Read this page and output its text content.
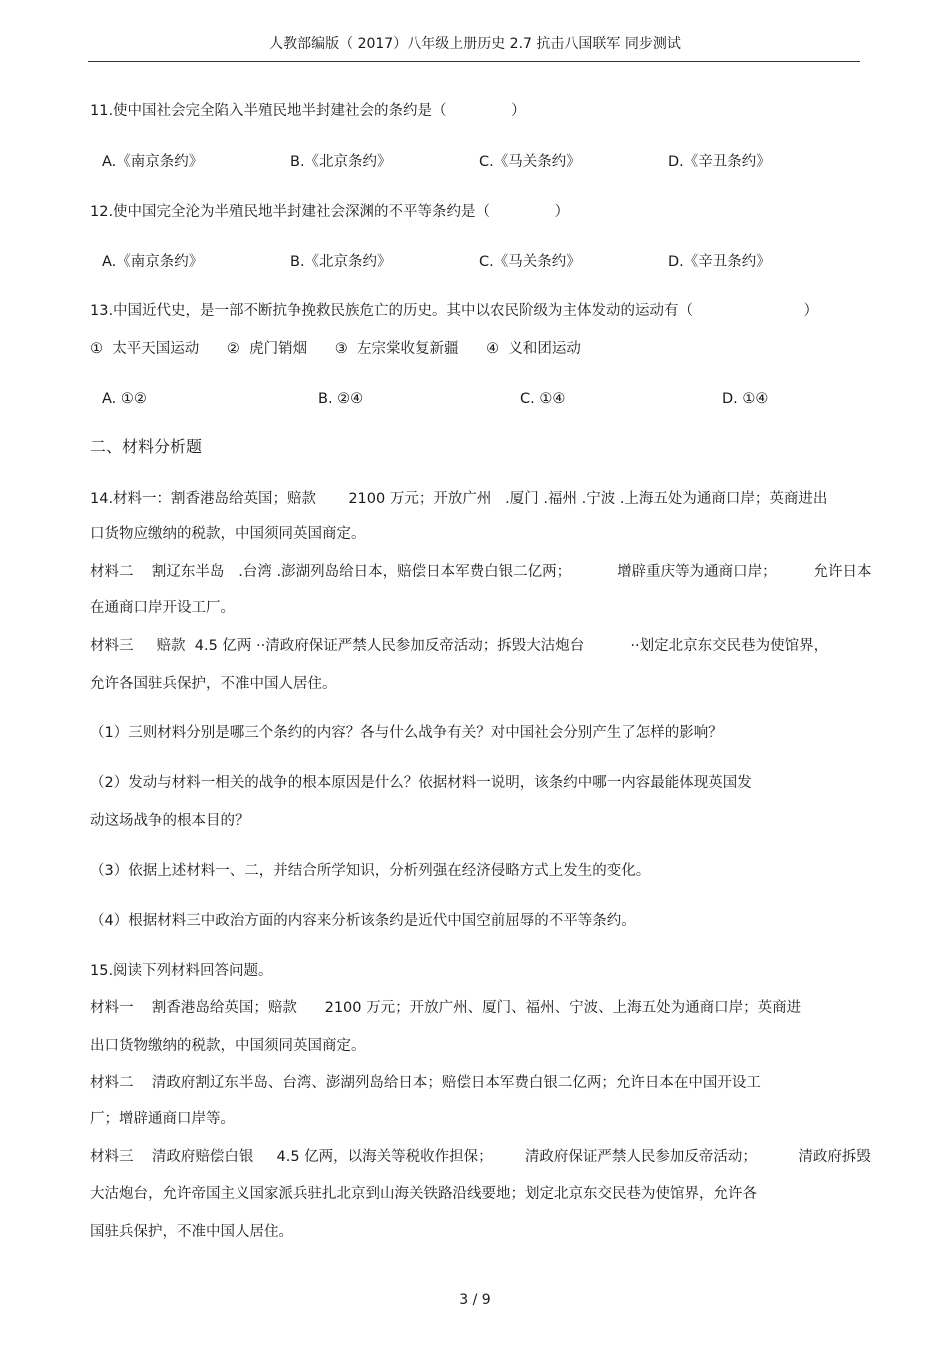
人教部编版（ 2017）八年级上册历史 2.7 抗击八国联军 同步测试
11.使中国社会完全陷入半殖民地半封建社会的条约是（              ）
A.《南京条约》	B.《北京条约》	C.《马关条约》	D.《辛丑条约》
12.使中国完全沦为半殖民地半封建社会深渊的不平等条约是（              ）
A.《南京条约》	B.《北京条约》	C.《马关条约》	D.《辛丑条约》
13.中国近代史，是一部不断抗争挽救民族危亡的历史。其中以农民阶级为主体发动的运动有（                        ）
①  太平天国运动      ②  虎门销烟      ③  左宗棠收复新疆      ④  义和团运动
A. ①②	B. ②④	C. ①④	D. ①④
二、材料分析题
14.材料一：割香港岛给英国；赔款       2100 万元；开放广州   .厦门 .福州 .宁波 .上海五处为通商口岸；英商进出
口货物应缴纳的税款，中国须同英国商定。
材料二    割辽东半岛   .台湾 .澎湖列岛给日本，赔偿日本军费白银二亿两；          增辟重庆等为通商口岸；        允许日本
在通商口岸开设工厂。
材料三     赔款  4.5 亿两 ··清政府保证严禁人民参加反帝活动；拆毁大沽炮台          ··划定北京东交民巷为使馆界，
允许各国驻兵保护，不准中国人居住。
（1）三则材料分别是哪三个条约的内容？各与什么战争有关？对中国社会分别产生了怎样的影响？
（2）发动与材料一相关的战争的根本原因是什么？依据材料一说明，该条约中哪一内容最能体现英国发
动这场战争的根本目的？
（3）依据上述材料一、二，并结合所学知识，分析列强在经济侵略方式上发生的变化。
（4）根据材料三中政治方面的内容来分析该条约是近代中国空前屈辱的不平等条约。
15.阅读下列材料回答问题。
材料一    割香港岛给英国；赔款      2100 万元；开放广州、厦门、福州、宁波、上海五处为通商口岸；英商进
出口货物缴纳的税款，中国须同英国商定。
材料二    清政府割辽东半岛、台湾、澎湖列岛给日本；赔偿日本军费白银二亿两；允许日本在中国开设工
厂；增辟通商口岸等。
材料三    清政府赔偿白银     4.5 亿两，以海关等税收作担保；       清政府保证严禁人民参加反帝活动；         清政府拆毁
大沽炮台，允许帝国主义国家派兵驻扎北京到山海关铁路沿线要地；划定北京东交民巷为使馆界，允许各
国驻兵保护，不准中国人居住。
3 / 9
